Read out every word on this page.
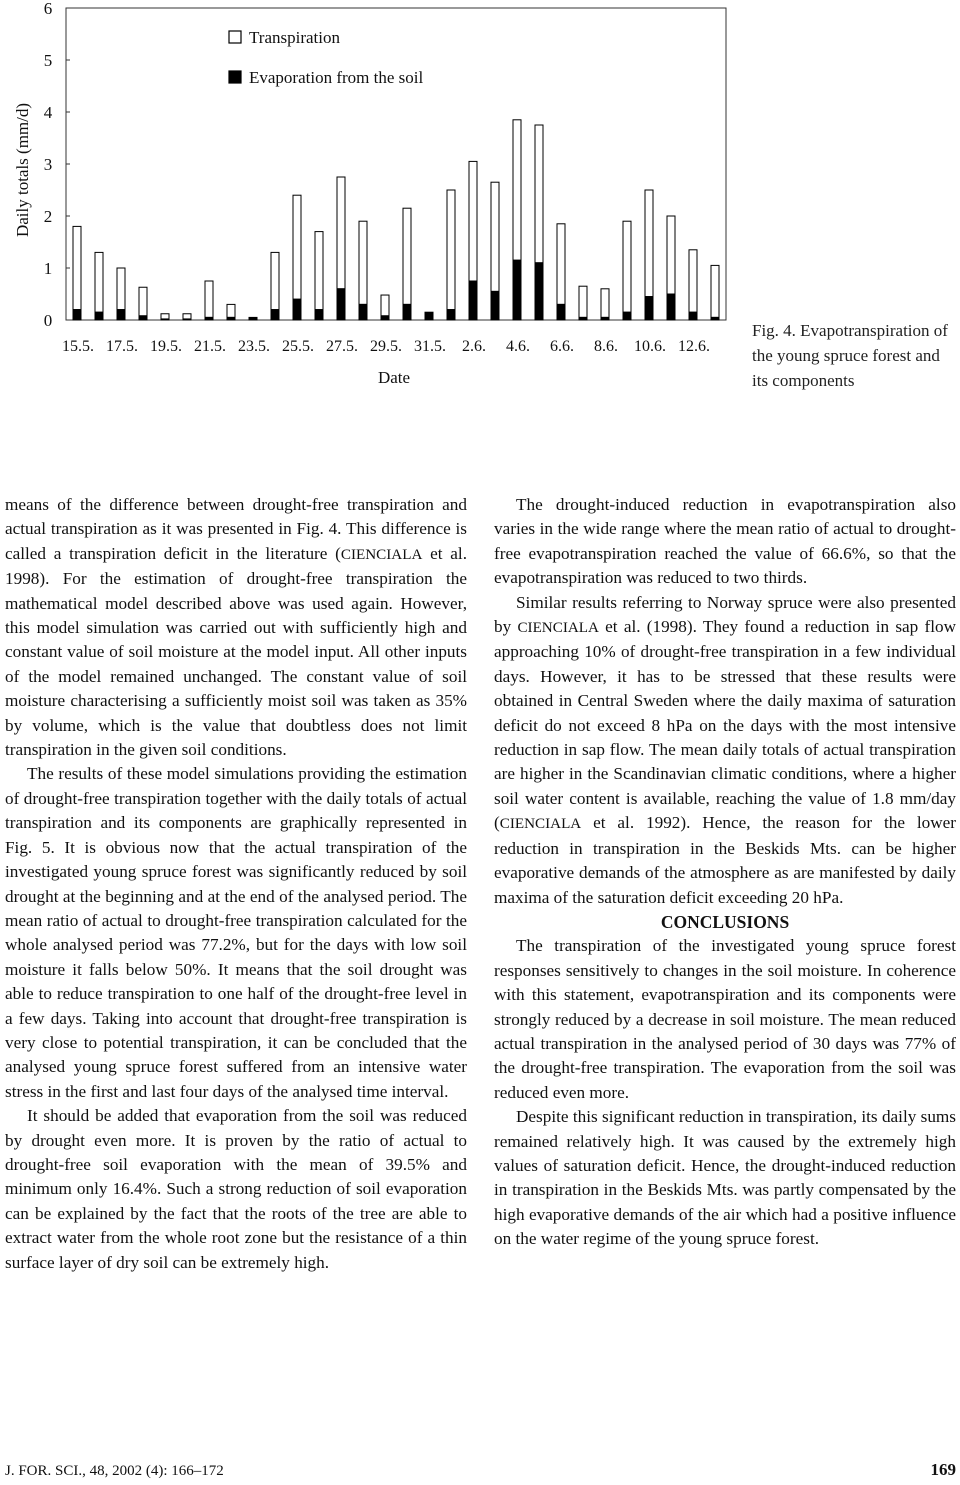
0
1
2
3
4
5
6
15.5. 17.5. 19.5. 21.5. 23.5. 25.5. 27.5. 29.5. 31.5. 2.6. 4.6. 6.6. 8.6. 10.6. 12.6.
Daily totals (mm/d)
Date
Transpiration
Evaporation from the soil
Fig. 4. Evapotranspiration of the young spruce forest and its components

means of the difference between drought-free transpiration and actual transpiration as it was presented in Fig. 4. This difference is called a transpiration deficit in the literature (CIENCIALA et al. 1998). For the estimation of drought-free transpiration the mathematical model described above was used again. However, this model simulation was carried out with sufficiently high and constant value of soil moisture at the model input. All other inputs of the model remained unchanged. The constant value of soil moisture characterising a sufficiently moist soil was taken as 35% by volume, which is the value that doubtless does not limit transpiration in the given soil conditions.

The results of these model simulations providing the estimation of drought-free transpiration together with the daily totals of actual transpiration and its components are graphically represented in Fig. 5. It is obvious now that the actual transpiration of the investigated young spruce forest was significantly reduced by soil drought at the beginning and at the end of the analysed period. The mean ratio of actual to drought-free transpiration calculated for the whole analysed period was 77.2%, but for the days with low soil moisture it falls below 50%. It means that the soil drought was able to reduce transpiration to one half of the drought-free level in a few days. Taking into account that drought-free transpiration is very close to potential transpiration, it can be concluded that the analysed young spruce forest suffered from an intensive water stress in the first and last four days of the analysed time interval.

It should be added that evaporation from the soil was reduced by drought even more. It is proven by the ratio of actual to drought-free soil evaporation with the mean of 39.5% and minimum only 16.4%. Such a strong reduction of soil evaporation can be explained by the fact that the roots of the tree are able to extract water from the whole root zone but the resistance of a thin surface layer of dry soil can be extremely high.

The drought-induced reduction in evapotranspiration also varies in the wide range where the mean ratio of actual to drought-free evapotranspiration reached the value of 66.6%, so that the evapotranspiration was reduced to two thirds.

Similar results referring to Norway spruce were also presented by CIENCIALA et al. (1998). They found a reduction in sap flow approaching 10% of drought-free transpiration in a few individual days. However, it has to be stressed that these results were obtained in Central Sweden where the daily maxima of saturation deficit do not exceed 8 hPa on the days with the most intensive reduction in sap flow. The mean daily totals of actual transpiration are higher in the Scandinavian climatic conditions, where a higher soil water content is available, reaching the value of 1.8 mm/day (CIENCIALA et al. 1992). Hence, the reason for the lower reduction in transpiration in the Beskids Mts. can be higher evaporative demands of the atmosphere as are manifested by daily maxima of the saturation deficit exceeding 20 hPa.

CONCLUSIONS

The transpiration of the investigated young spruce forest responses sensitively to changes in the soil moisture. In coherence with this statement, evapotranspiration and its components were strongly reduced by a decrease in soil moisture. The mean reduced actual transpiration in the analysed period of 30 days was 77% of the drought-free transpiration. The evaporation from the soil was reduced even more.

Despite this significant reduction in transpiration, its daily sums remained relatively high. It was caused by the extremely high values of saturation deficit. Hence, the drought-induced reduction in transpiration in the Beskids Mts. was partly compensated by the high evaporative demands of the air which had a positive influence on the water regime of the young spruce forest.

J. FOR. SCI., 48, 2002 (4): 166–172	169
